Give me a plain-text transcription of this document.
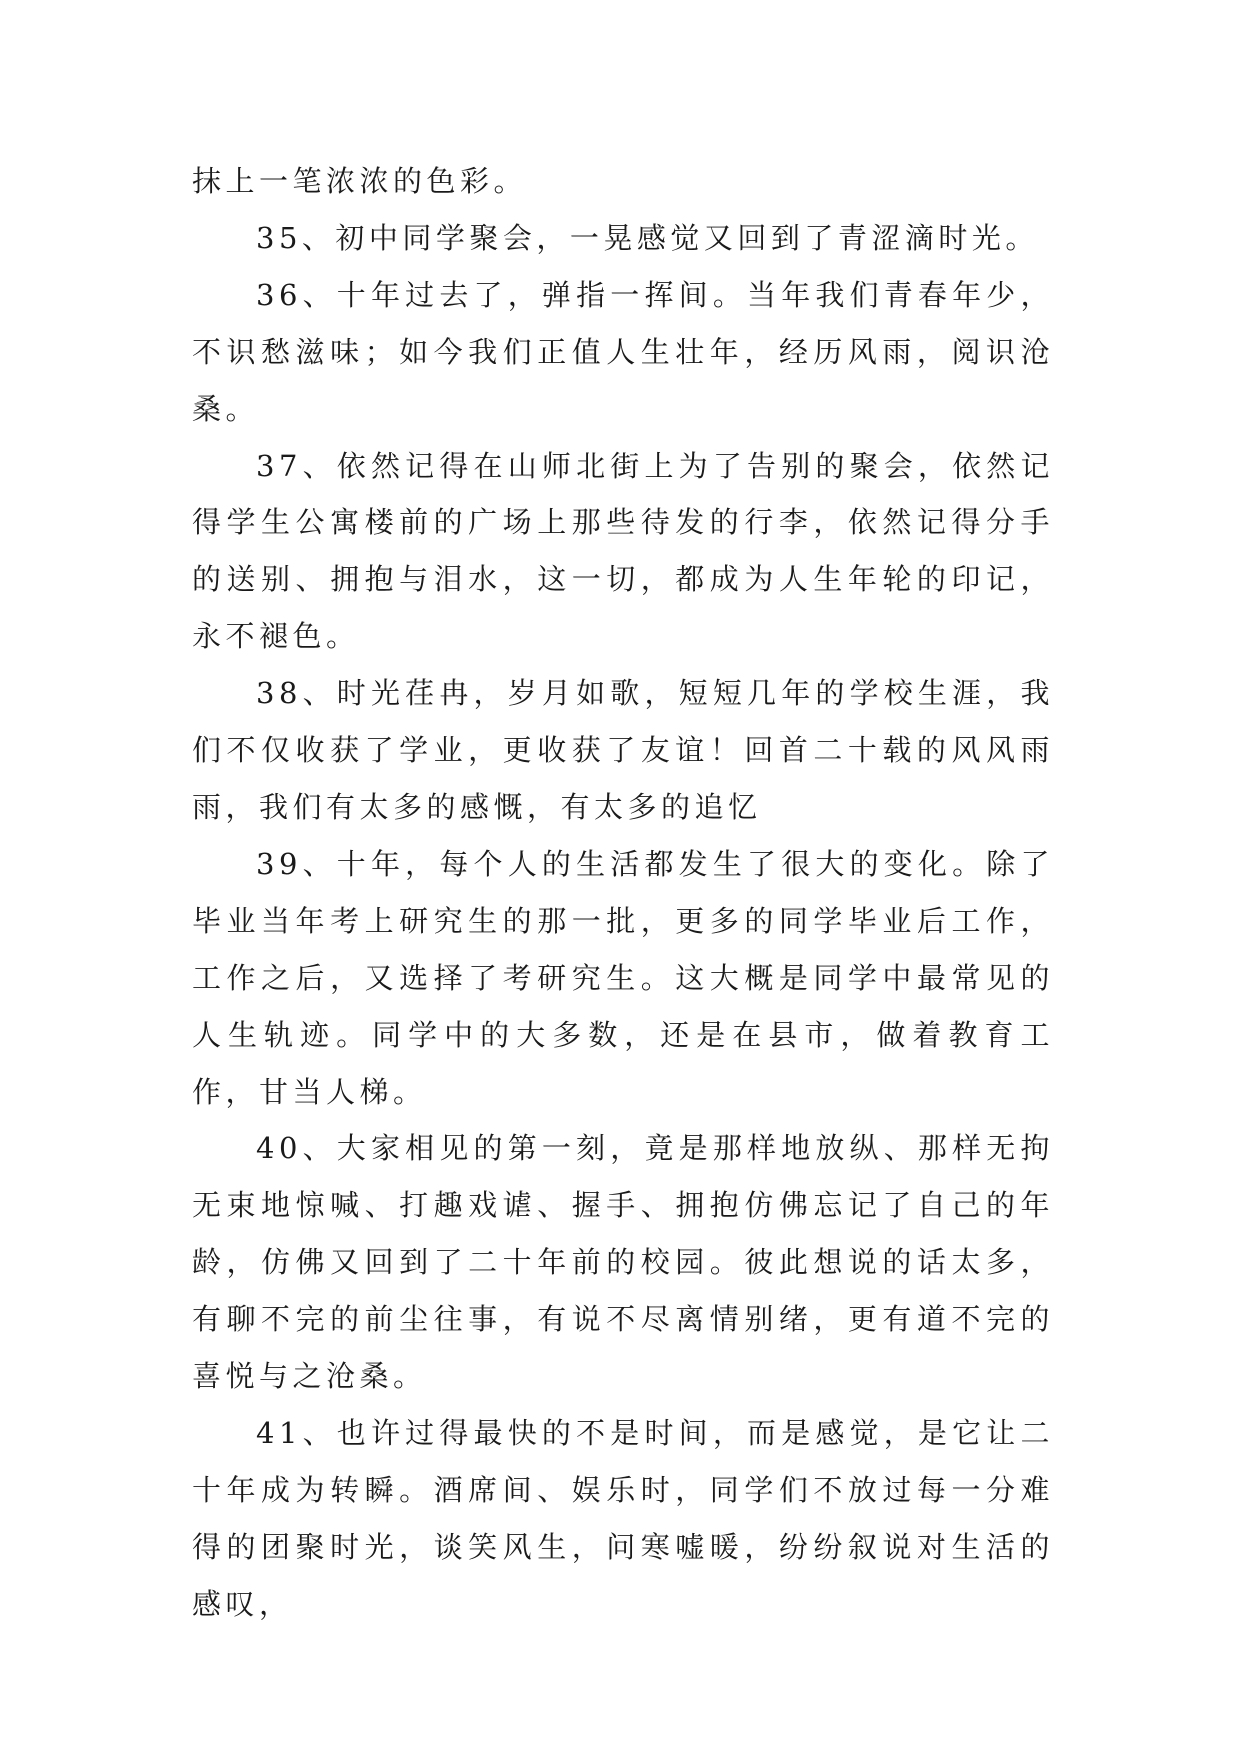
抹上一笔浓浓的色彩。

35、初中同学聚会，一晃感觉又回到了青涩滴时光。

36、十年过去了，弹指一挥间。当年我们青春年少，不识愁滋味；如今我们正值人生壮年，经历风雨，阅识沧桑。

37、依然记得在山师北街上为了告别的聚会，依然记得学生公寓楼前的广场上那些待发的行李，依然记得分手的送别、拥抱与泪水，这一切，都成为人生年轮的印记，永不褪色。

38、时光荏冉，岁月如歌，短短几年的学校生涯，我们不仅收获了学业，更收获了友谊！回首二十载的风风雨雨，我们有太多的感慨，有太多的追忆

39、十年，每个人的生活都发生了很大的变化。除了毕业当年考上研究生的那一批，更多的同学毕业后工作，工作之后，又选择了考研究生。这大概是同学中最常见的人生轨迹。同学中的大多数，还是在县市，做着教育工作，甘当人梯。

40、大家相见的第一刻，竟是那样地放纵、那样无拘无束地惊喊、打趣戏谑、握手、拥抱仿佛忘记了自己的年龄，仿佛又回到了二十年前的校园。彼此想说的话太多，有聊不完的前尘往事，有说不尽离情别绪，更有道不完的喜悦与之沧桑。

41、也许过得最快的不是时间，而是感觉，是它让二十年成为转瞬。酒席间、娱乐时，同学们不放过每一分难得的团聚时光，谈笑风生，问寒嘘暖，纷纷叙说对生活的感叹，
